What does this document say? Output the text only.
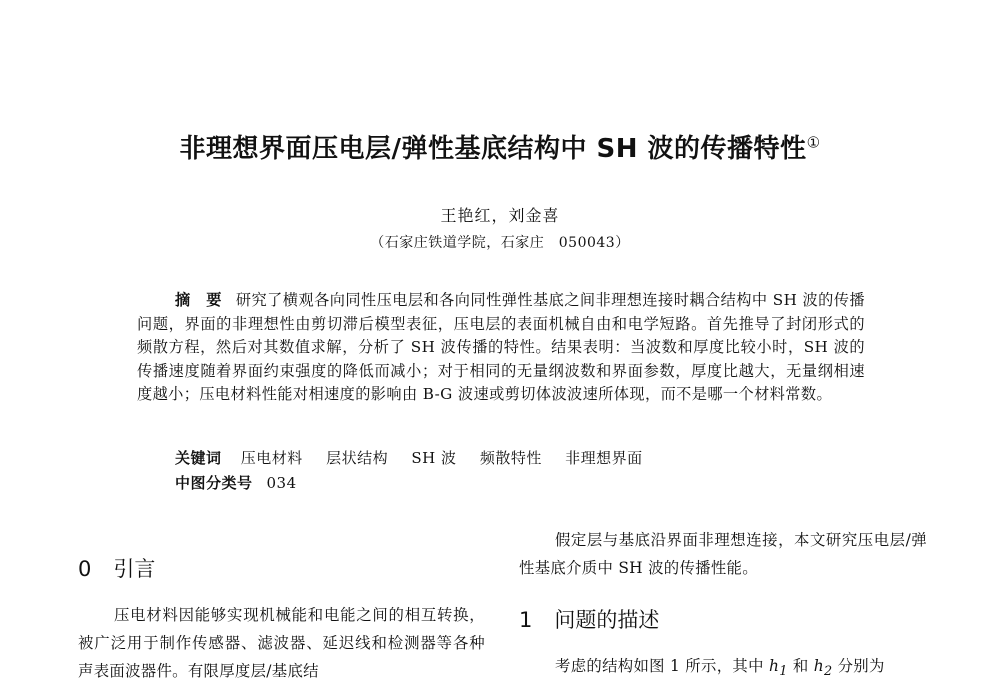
非理想界面压电层/弹性基底结构中 SH 波的传播特性①
王艳红，刘金喜
（石家庄铁道学院，石家庄　050043）
摘　要 研究了横观各向同性压电层和各向同性弹性基底之间非理想连接时耦合结构中 SH 波的传播问题，界面的非理想性由剪切滞后模型表征，压电层的表面机械自由和电学短路。首先推导了封闭形式的频散方程，然后对其数值求解，分析了 SH 波传播的特性。结果表明：当波数和厚度比较小时，SH 波的传播速度随着界面约束强度的降低而减小；对于相同的无量纲波数和界面参数，厚度比越大，无量纲相速度越小；压电材料性能对相速度的影响由 B-G 波速或剪切体波波速所体现，而不是哪一个材料常数。
关键词 压电材料 层状结构 SH 波 频散特性 非理想界面
中图分类号 034
0 引言
压电材料因能够实现机械能和电能之间的相互转换，被广泛用于制作传感器、滤波器、延迟线和检测器等各种声表面波器件。有限厚度层/基底结
假定层与基底沿界面非理想连接，本文研究压电层/弹性基底介质中 SH 波的传播性能。
1 问题的描述
考虑的结构如图 1 所示，其中 $h_1$ 和 $h_2$ 分别为
